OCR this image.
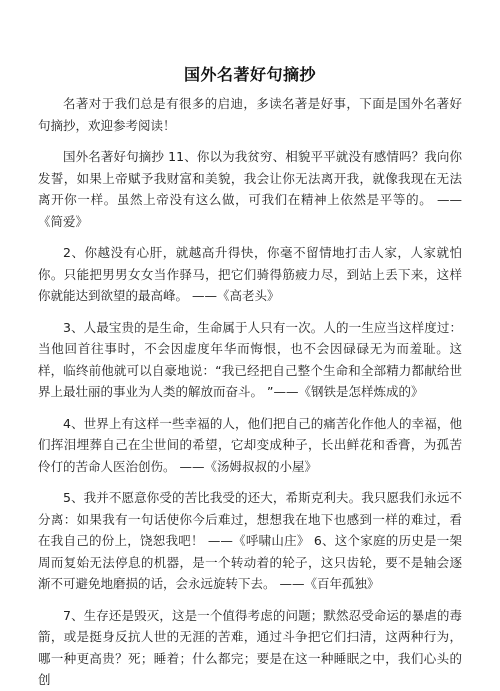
国外名著好句摘抄

名著对于我们总是有很多的启迪，多读名著是好事，下面是国外名著好句摘抄，欢迎参考阅读！

国外名著好句摘抄 11、你以为我贫穷、相貌平平就没有感情吗？我向你发誓，如果上帝赋予我财富和美貌，我会让你无法离开我，就像我现在无法离开你一样。虽然上帝没有这么做，可我们在精神上依然是平等的。 ——《简爱》

2、你越没有心肝，就越高升得快，你毫不留情地打击人家，人家就怕你。只能把男男女女当作驿马，把它们骑得筋疲力尽，到站上丢下来，这样你就能达到欲望的最高峰。 ——《高老头》

3、人最宝贵的是生命，生命属于人只有一次。人的一生应当这样度过：当他回首往事时，不会因虚度年华而悔恨，也不会因碌碌无为而羞耻。这样，临终前他就可以自豪地说：“我已经把自己整个生命和全部精力都献给世界上最壮丽的事业为人类的解放而奋斗。 ”——《钢铁是怎样炼成的》

4、世界上有这样一些幸福的人，他们把自己的痛苦化作他人的幸福，他们挥泪埋葬自己在尘世间的希望，它却变成种子，长出鲜花和香膏，为孤苦伶仃的苦命人医治创伤。 ——《汤姆叔叔的小屋》

5、我并不愿意你受的苦比我受的还大，希斯克利夫。我只愿我们永远不分离：如果我有一句话使你今后难过，想想我在地下也感到一样的难过，看在我自己的份上，饶恕我吧！ ——《呼啸山庄》 6、这个家庭的历史是一架周而复始无法停息的机器，是一个转动着的轮子，这只齿轮，要不是轴会逐渐不可避免地磨损的话，会永远旋转下去。 ——《百年孤独》

7、生存还是毁灭，这是一个值得考虑的问题；默然忍受命运的暴虐的毒箭，或是挺身反抗人世的无涯的苦难，通过斗争把它们扫清，这两种行为，哪一种更高贵？死；睡着；什么都完；要是在这一种睡眠之中，我们心头的创
